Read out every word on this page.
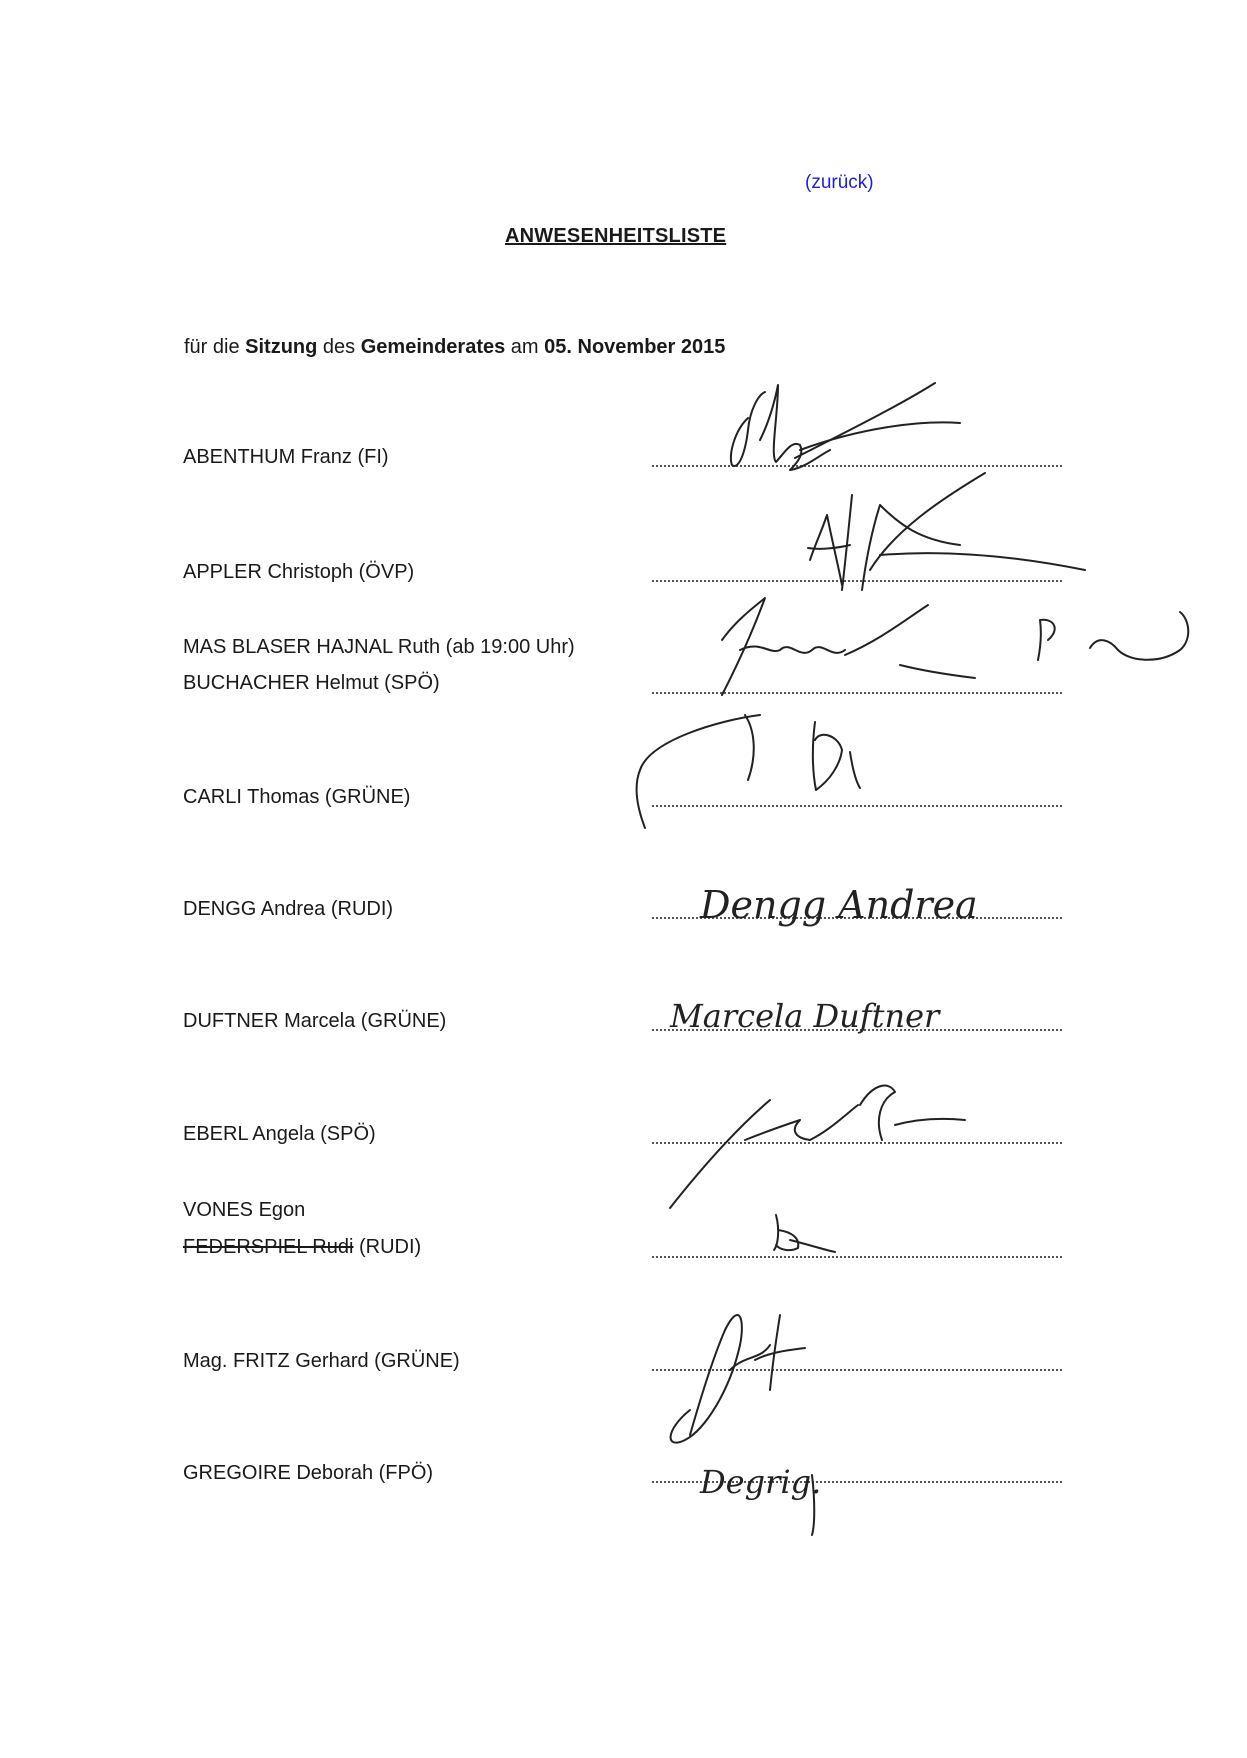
(zurück)
ANWESENHEITSLISTE

für die Sitzung des Gemeinderates am 05. November 2015

ABENTHUM Franz (FI)
APPLER Christoph (ÖVP)
MAS BLASER HAJNAL Ruth (ab 19:00 Uhr)
BUCHACHER Helmut (SPÖ)
CARLI Thomas (GRÜNE)
DENGG Andrea (RUDI)
DUFTNER Marcela (GRÜNE)
EBERL Angela (SPÖ)
VONES Egon
FEDERSPIEL Rudi (RUDI)
Mag. FRITZ Gerhard (GRÜNE)
GREGOIRE Deborah (FPÖ)
Dengg Andrea
Marcela Duftner
Degrig.
